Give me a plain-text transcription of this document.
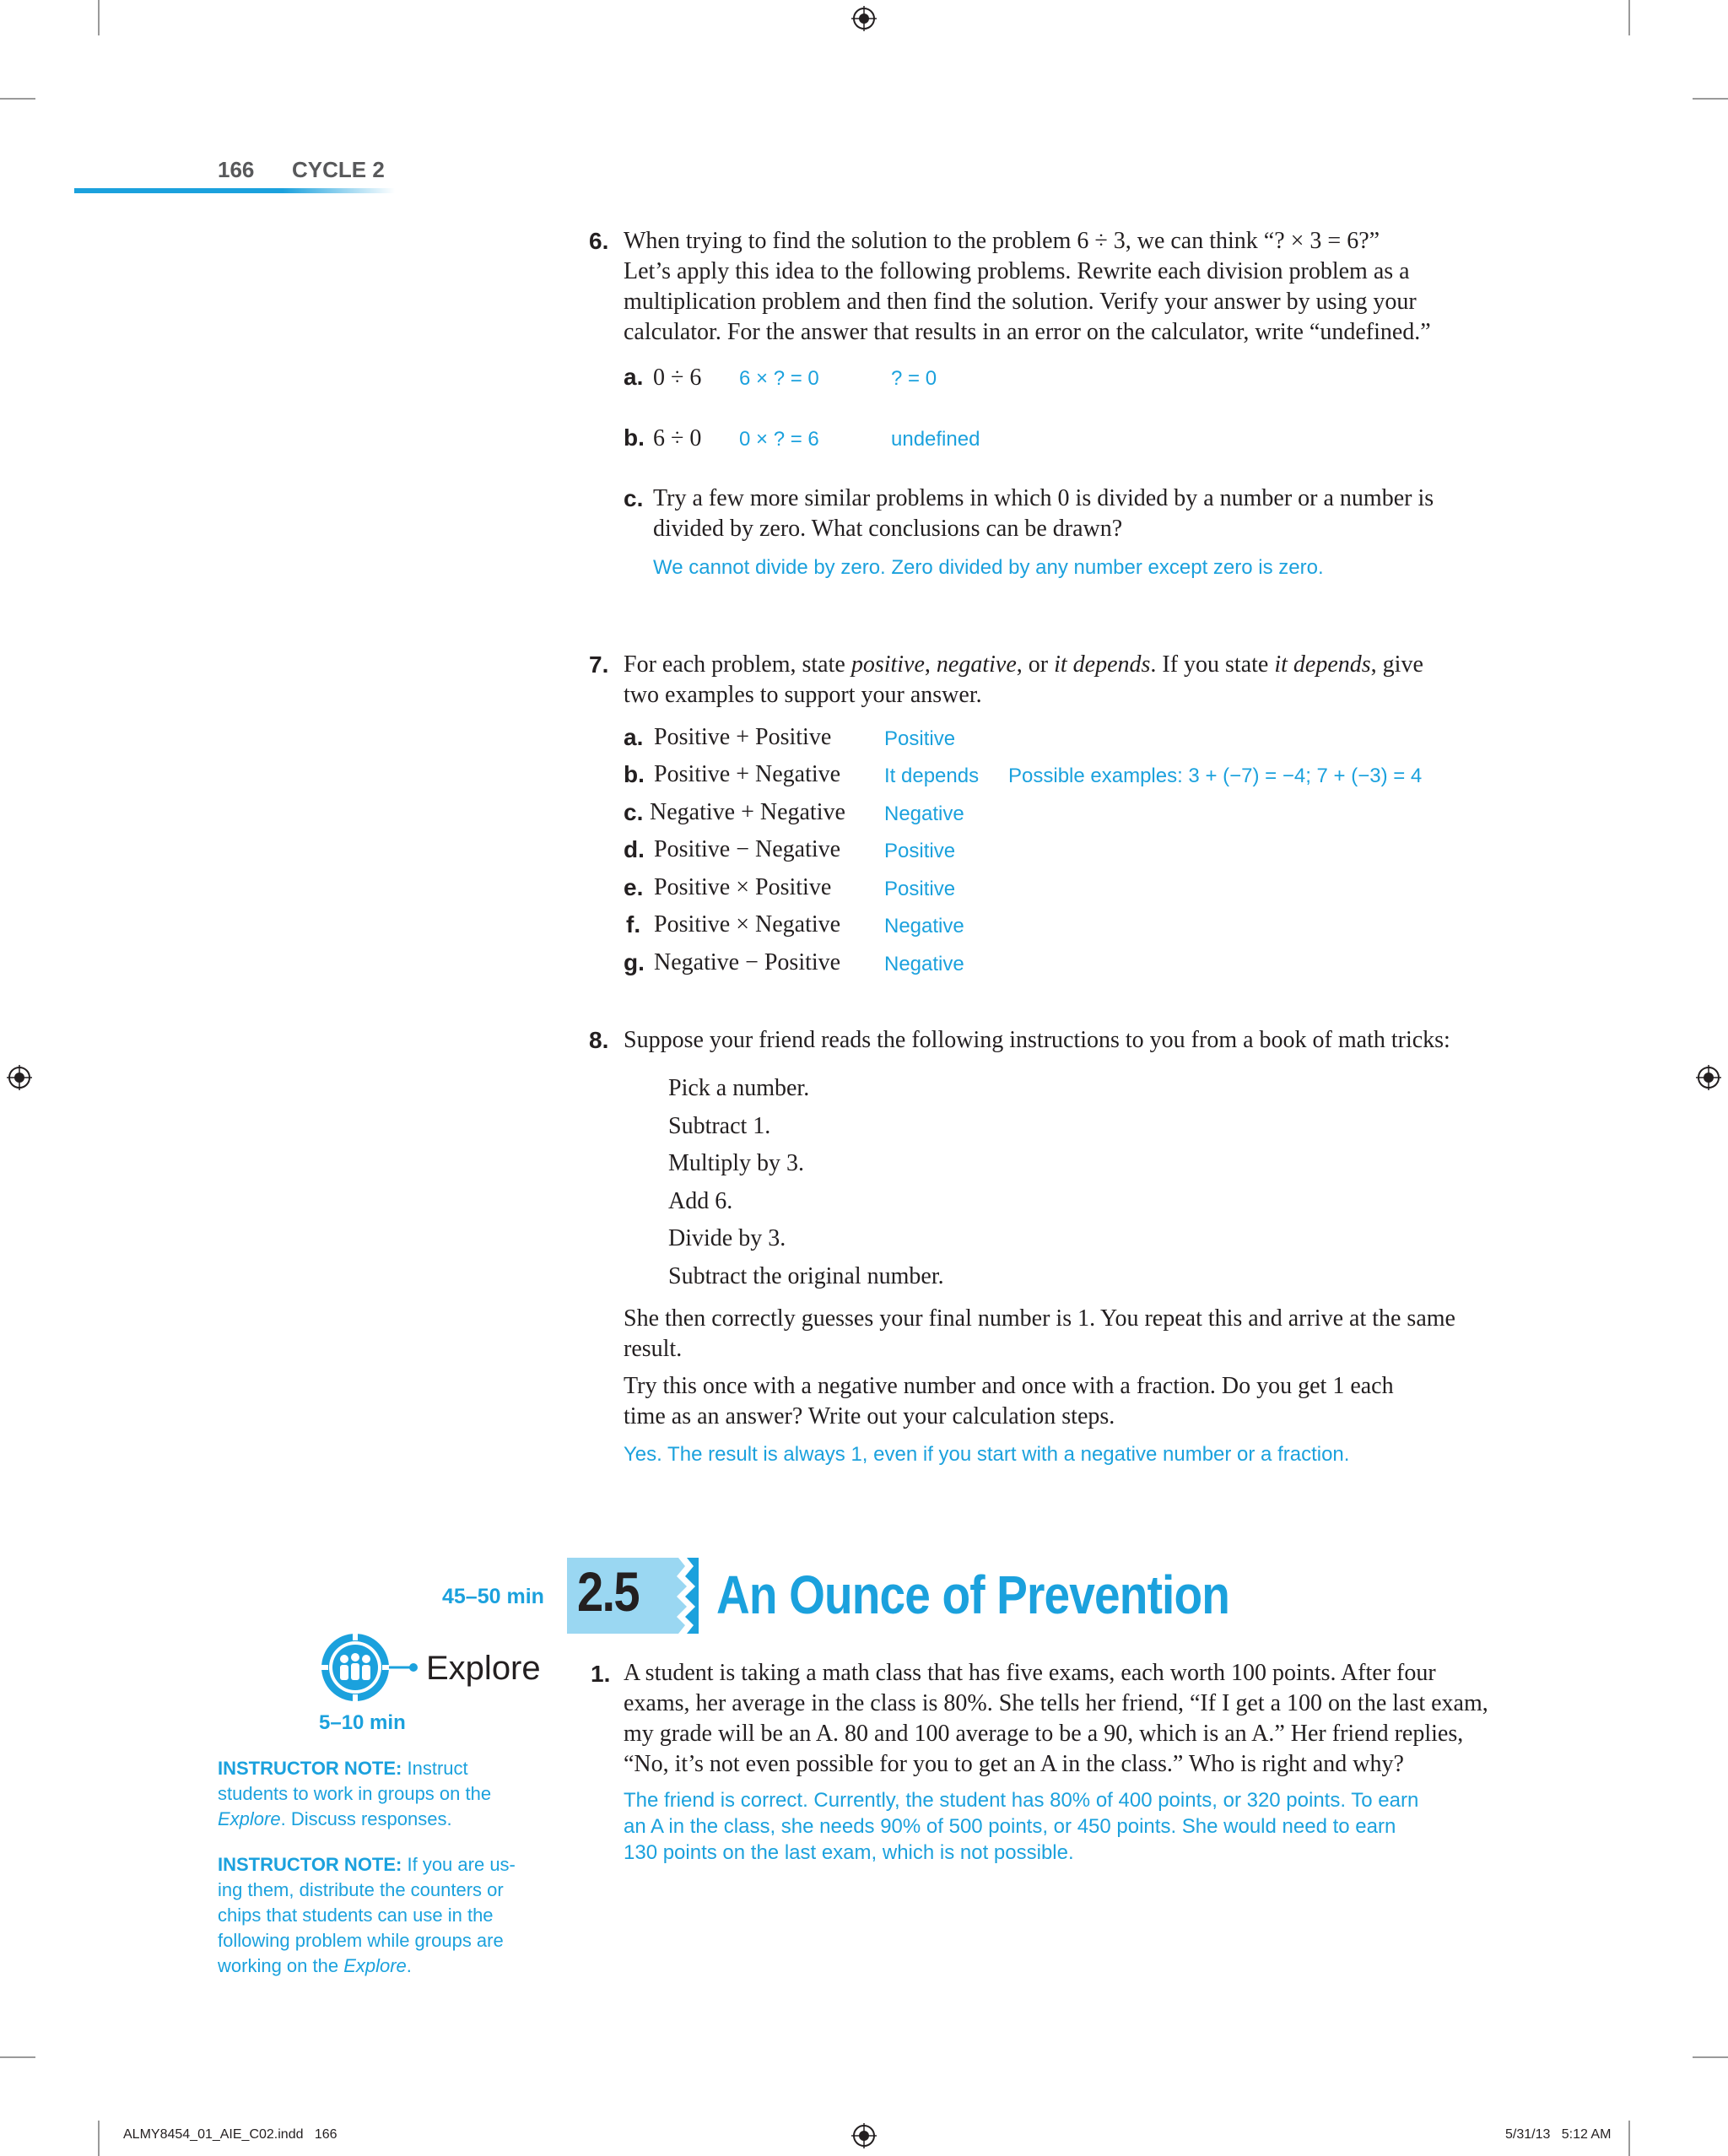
166 CYCLE 2
6. When trying to find the solution to the problem 6 ÷ 3, we can think “? × 3 = 6?”
Let’s apply this idea to the following problems. Rewrite each division problem as a
multiplication problem and then find the solution. Verify your answer by using your
calculator. For the answer that results in an error on the calculator, write “undefined.”
a. 0 ÷ 6 6 × ? = 0	? = 0
b. 6 ÷ 0 0 × ? = 6	undefined
c. Try a few more similar problems in which 0 is divided by a number or a number is
divided by zero. What conclusions can be drawn?
We cannot divide by zero. Zero divided by any number except zero is zero.
7. For each problem, state positive, negative, or it depends. If you state it depends, give
two examples to support your answer.
a. Positive + Positive	Positive
b. Positive + Negative It depends Possible examples: 3 + (−7) = −4; 7 + (−3) = 4
c. Negative + Negative Negative
d. Positive − Negative Positive
e. Positive × Positive	Positive
f. Positive × Negative Negative
g. Negative − Positive Negative
8. Suppose your friend reads the following instructions to you from a book of math tricks:
Pick a number.
Subtract 1.
Multiply by 3.
Add 6.
Divide by 3.
Subtract the original number.
She then correctly guesses your final number is 1. You repeat this and arrive at the same
result.
Try this once with a negative number and once with a fraction. Do you get 1 each
time as an answer? Write out your calculation steps.
Yes. The result is always 1, even if you start with a negative number or a fraction.
45–50 min 2.5 An Ounce of Prevention
Explore
5–10 min
1. A student is taking a math class that has five exams, each worth 100 points. After four
exams, her average in the class is 80%. She tells her friend, “If I get a 100 on the last exam,
my grade will be an A. 80 and 100 average to be a 90, which is an A.” Her friend replies,
“No, it’s not even possible for you to get an A in the class.” Who is right and why?
The friend is correct. Currently, the student has 80% of 400 points, or 320 points. To earn
an A in the class, she needs 90% of 500 points, or 450 points. She would need to earn
130 points on the last exam, which is not possible.
INSTRUCTOR NOTE: Instruct
students to work in groups on the
Explore. Discuss responses.
INSTRUCTOR NOTE: If you are us-
ing them, distribute the counters or
chips that students can use in the
following problem while groups are
working on the Explore.
ALMY8454_01_AIE_C02.indd   166	5/31/13   5:12 AM
